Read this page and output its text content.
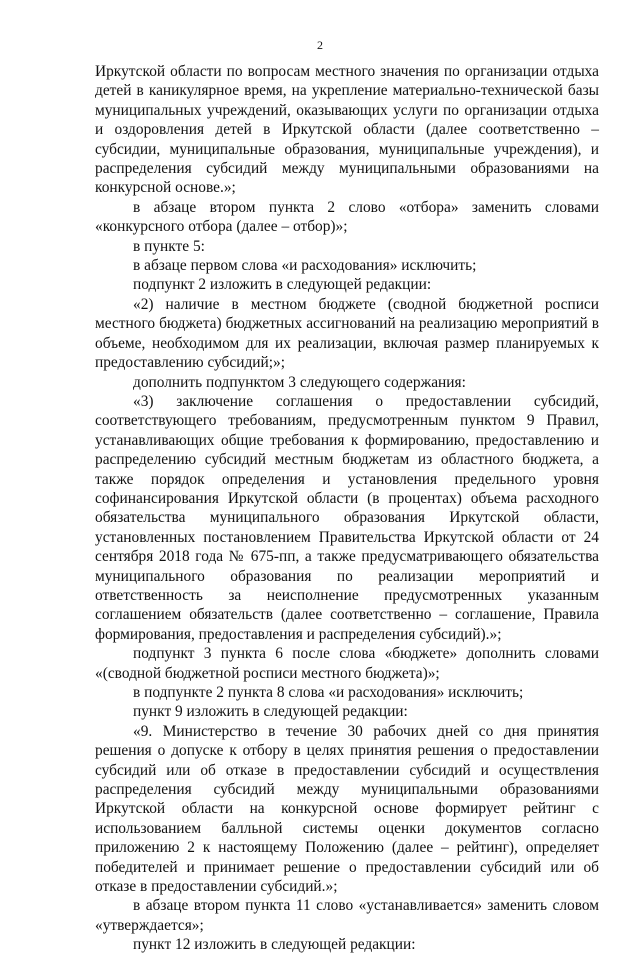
2

Иркутской области по вопросам местного значения по организации отдыха детей в каникулярное время, на укрепление материально-технической базы муниципальных учреждений, оказывающих услуги по организации отдыха и оздоровления детей в Иркутской области (далее соответственно – субсидии, муниципальные образования, муниципальные учреждения), и распределения субсидий между муниципальными образованиями на конкурсной основе.»;

в абзаце втором пункта 2 слово «отбора» заменить словами «конкурсного отбора (далее – отбор)»;

в пункте 5:

в абзаце первом слова «и расходования» исключить;

подпункт 2 изложить в следующей редакции:

«2) наличие в местном бюджете (сводной бюджетной росписи местного бюджета) бюджетных ассигнований на реализацию мероприятий в объеме, необходимом для их реализации, включая размер планируемых к предоставлению субсидий;»;

дополнить подпунктом 3 следующего содержания:

«3) заключение соглашения о предоставлении субсидий, соответствующего требованиям, предусмотренным пунктом 9 Правил, устанавливающих общие требования к формированию, предоставлению и распределению субсидий местным бюджетам из областного бюджета, а также порядок определения и установления предельного уровня софинансирования Иркутской области (в процентах) объема расходного обязательства муниципального образования Иркутской области, установленных постановлением Правительства Иркутской области от 24 сентября 2018 года № 675-пп, а также предусматривающего обязательства муниципального образования по реализации мероприятий и ответственность за неисполнение предусмотренных указанным соглашением обязательств (далее соответственно – соглашение, Правила формирования, предоставления и распределения субсидий).»;

подпункт 3 пункта 6 после слова «бюджете» дополнить словами «(сводной бюджетной росписи местного бюджета)»;

в подпункте 2 пункта 8 слова «и расходования» исключить;

пункт 9 изложить в следующей редакции:

«9. Министерство в течение 30 рабочих дней со дня принятия решения о допуске к отбору в целях принятия решения о предоставлении субсидий или об отказе в предоставлении субсидий и осуществления распределения субсидий между муниципальными образованиями Иркутской области на конкурсной основе формирует рейтинг с использованием балльной системы оценки документов согласно приложению 2 к настоящему Положению (далее – рейтинг), определяет победителей и принимает решение о предоставлении субсидий или об отказе в предоставлении субсидий.»;

в абзаце втором пункта 11 слово «устанавливается» заменить словом «утверждается»;

пункт 12 изложить в следующей редакции:
